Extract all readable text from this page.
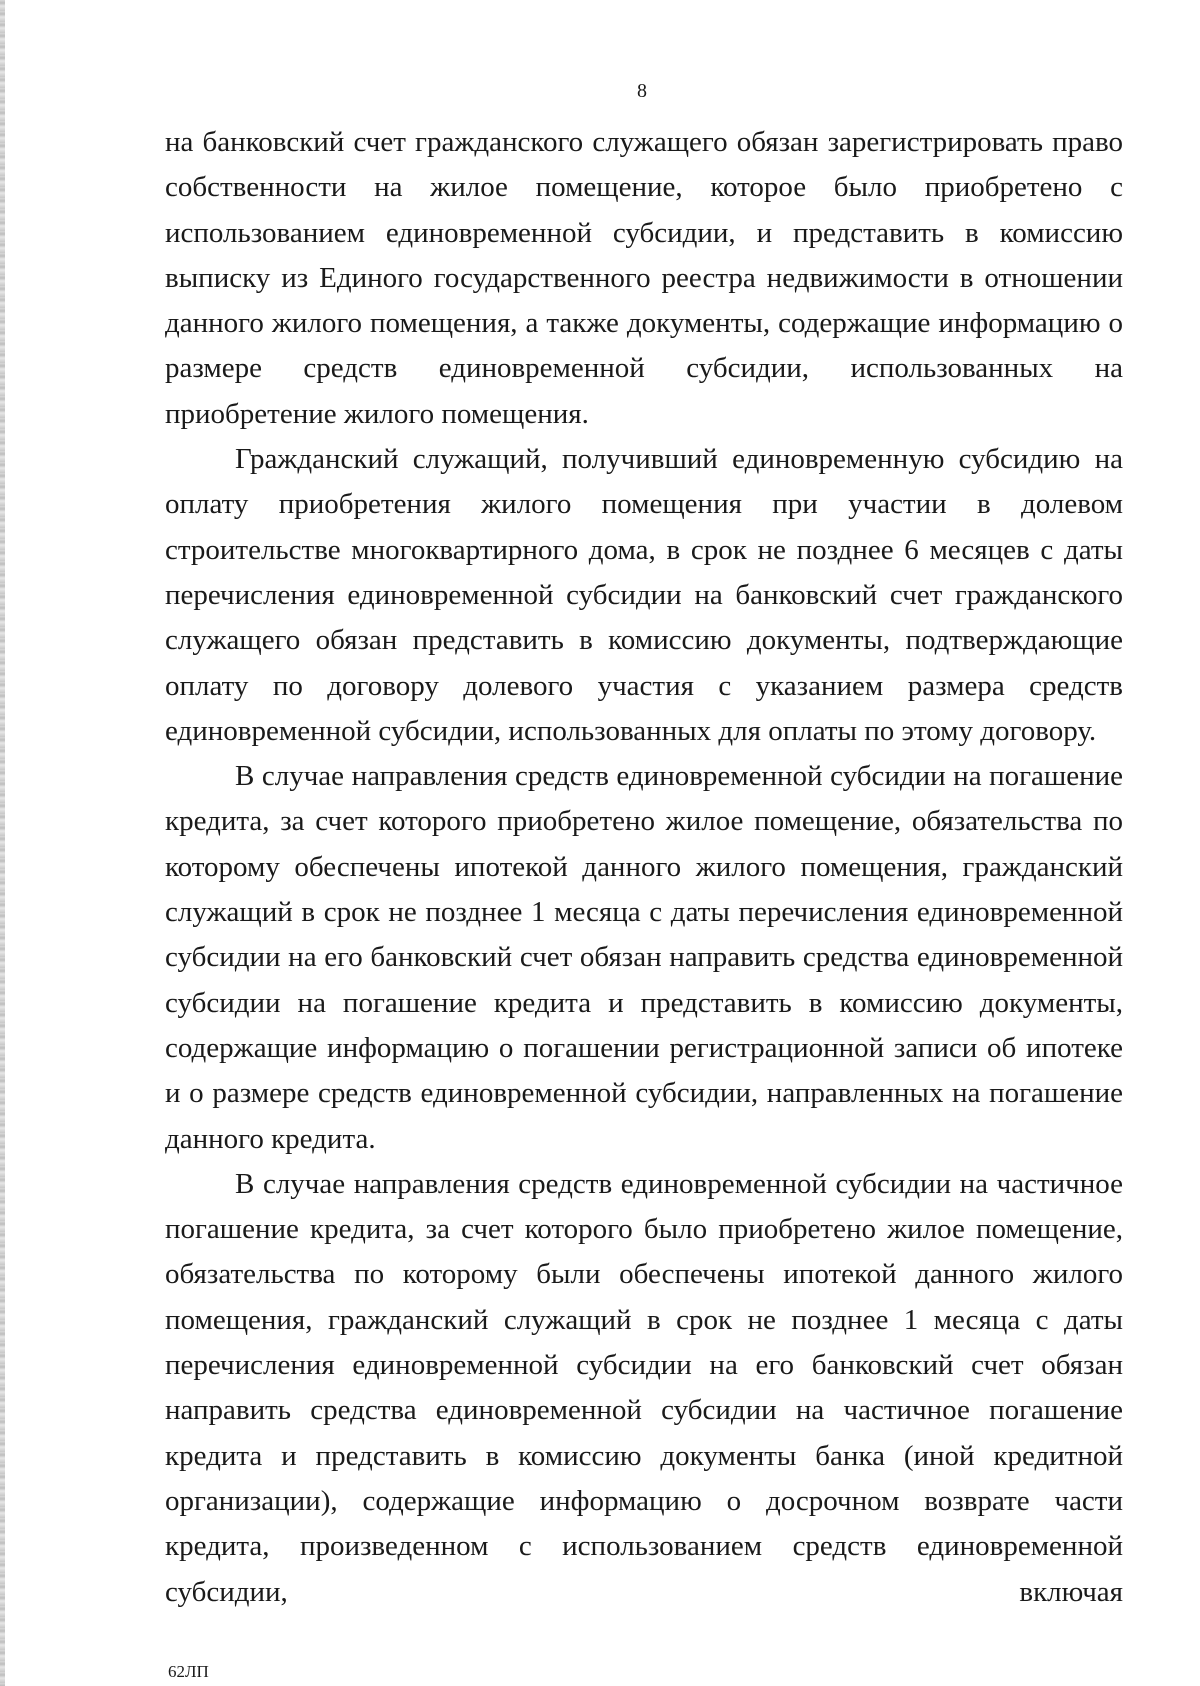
8

на банковский счет гражданского служащего обязан зарегистрировать право собственности на жилое помещение, которое было приобретено с использованием единовременной субсидии, и представить в комиссию выписку из Единого государственного реестра недвижимости в отношении данного жилого помещения, а также документы, содержащие информацию о размере средств единовременной субсидии, использованных на приобретение жилого помещения.

Гражданский служащий, получивший единовременную субсидию на оплату приобретения жилого помещения при участии в долевом строительстве многоквартирного дома, в срок не позднее 6 месяцев с даты перечисления единовременной субсидии на банковский счет гражданского служащего обязан представить в комиссию документы, подтверждающие оплату по договору долевого участия с указанием размера средств единовременной субсидии, использованных для оплаты по этому договору.

В случае направления средств единовременной субсидии на погашение кредита, за счет которого приобретено жилое помещение, обязательства по которому обеспечены ипотекой данного жилого помещения, гражданский служащий в срок не позднее 1 месяца с даты перечисления единовременной субсидии на его банковский счет обязан направить средства единовременной субсидии на погашение кредита и представить в комиссию документы, содержащие информацию о погашении регистрационной записи об ипотеке и о размере средств единовременной субсидии, направленных на погашение данного кредита.

В случае направления средств единовременной субсидии на частичное погашение кредита, за счет которого было приобретено жилое помещение, обязательства по которому были обеспечены ипотекой данного жилого помещения, гражданский служащий в срок не позднее 1 месяца с даты перечисления единовременной субсидии на его банковский счет обязан направить средства единовременной субсидии на частичное погашение кредита и представить в комиссию документы банка (иной кредитной организации), содержащие информацию о досрочном возврате части кредита, произведенном с использованием средств единовременной субсидии, включая

62ЛП
